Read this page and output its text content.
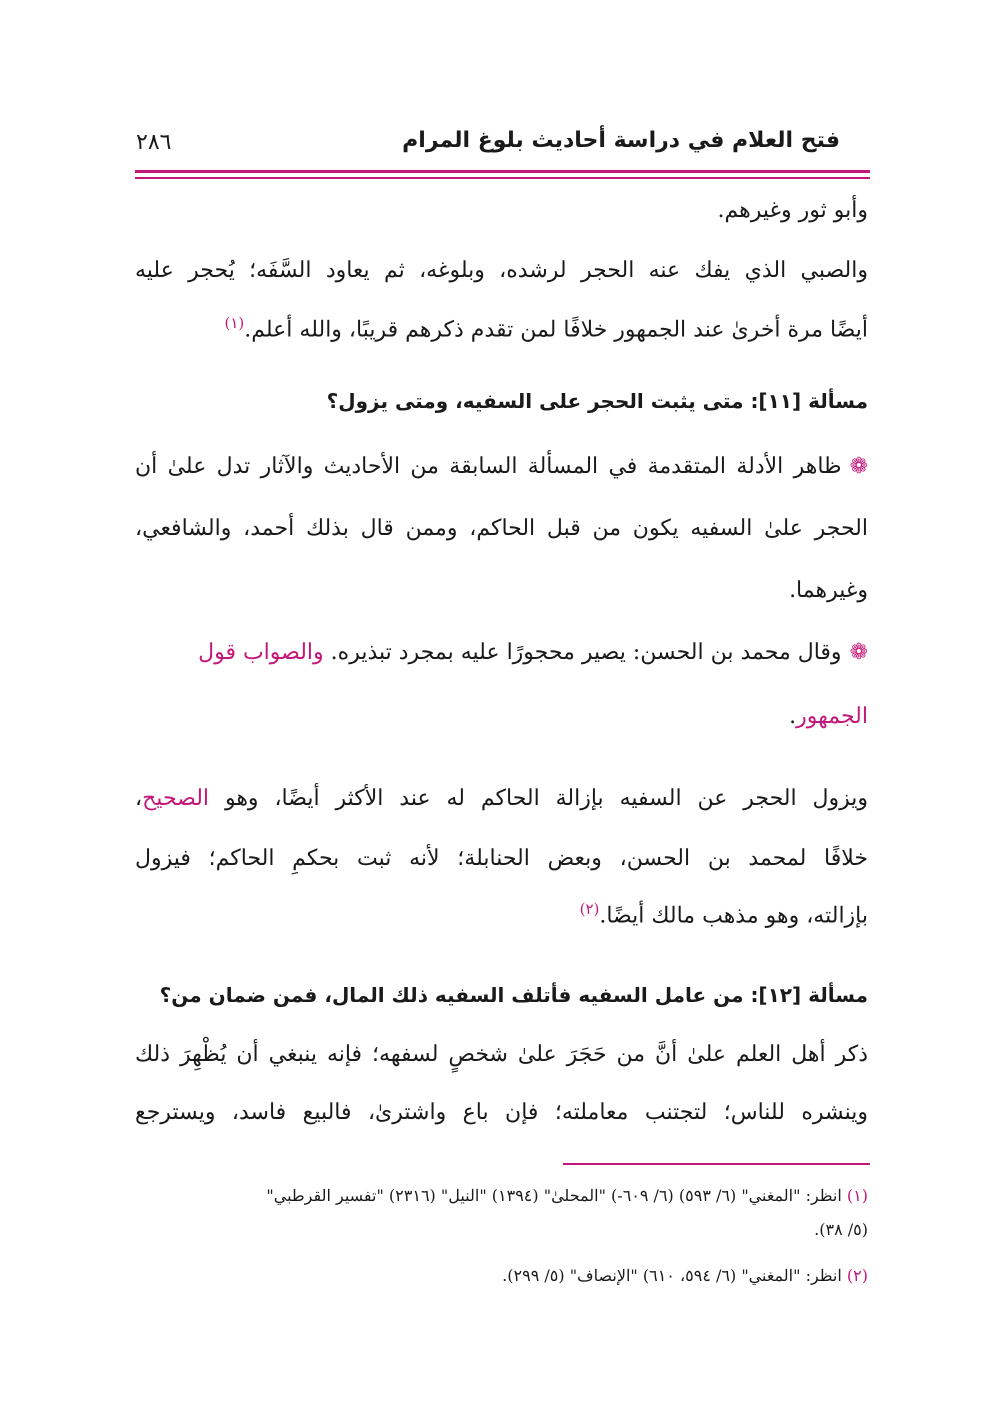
فتح العلام في دراسة أحاديث بلوغ المرام
٢٨٦
وأبو ثور وغيرهم.
والصبي الذي يفك عنه الحجر لرشده، وبلوغه، ثم يعاود السَّفَه؛ يُحجر عليه
أيضًا مرة أخرىٰ عند الجمهور خلافًا لمن تقدم ذكرهم قريبًا، والله أعلم.$^{(١)}$
مسألة [١١]: متى يثبت الحجر على السفيه، ومتى يزول؟
❁ظاهر الأدلة المتقدمة في المسألة السابقة من الأحاديث والآثار تدل علىٰ أن
الحجر علىٰ السفيه يكون من قبل الحاكم، وممن قال بذلك أحمد، والشافعي،
وغيرهما.
❁وقال محمد بن الحسن: يصير محجورًا عليه بمجرد تبذيره. والصواب قول
الجمهور.
ويزول الحجر عن السفيه بإزالة الحاكم له عند الأكثر أيضًا، وهو الصحيح،
خلافًا لمحمد بن الحسن، وبعض الحنابلة؛ لأنه ثبت بحكمِ الحاكم؛ فيزول
بإزالته، وهو مذهب مالك أيضًا.$^{(٢)}$
مسألة [١٢]: من عامل السفيه فأتلف السفيه ذلك المال، فمن ضمان من؟
ذكر أهل العلم علىٰ أنَّ من حَجَرَ علىٰ شخصٍ لسفهه؛ فإنه ينبغي أن يُظْهِرَ ذلك
وينشره للناس؛ لتجتنب معاملته؛ فإن باع واشترىٰ، فالبيع فاسد، ويسترجع
(١) انظر: "المغني" (٦/ ٥٩٣) (٦/ ٦٠٩-) "المحلىٰ" (١٣٩٤) "النيل" (٢٣١٦) "تفسير القرطبي"
(٥/ ٣٨).
(٢) انظر: "المغني" (٦/ ٥٩٤، ٦١٠) "الإنصاف" (٥/ ٢٩٩).
